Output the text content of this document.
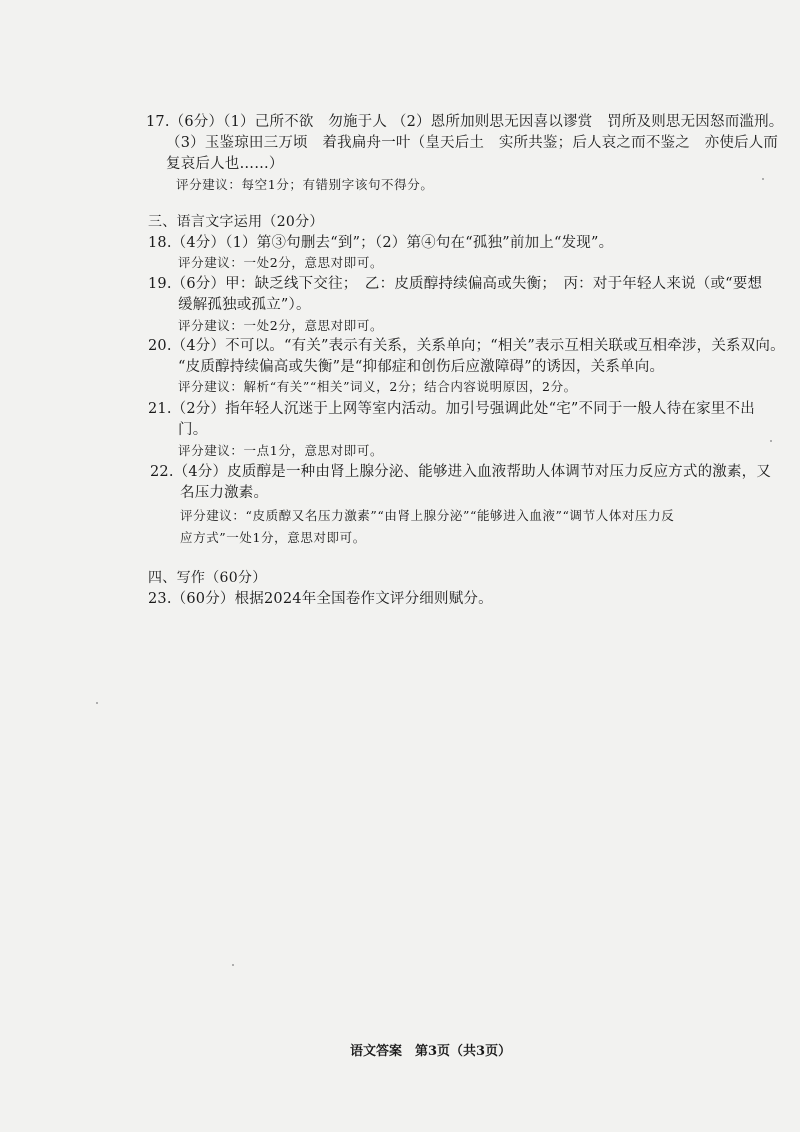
17.（6分）（1）己所不欲　勿施于人 （2）恩所加则思无因喜以谬赏　罚所及则思无因怒而滥刑。
（3）玉鉴琼田三万顷　着我扁舟一叶（皇天后土　实所共鉴；后人哀之而不鉴之　亦使后人而
复哀后人也……）
评分建议：每空1分；有错别字该句不得分。
三、语言文字运用（20分）
18.（4分）（1）第③句删去“到”；（2）第④句在“孤独”前加上“发现”。
评分建议：一处2分，意思对即可。
19.（6分）甲：缺乏线下交往；　乙：皮质醇持续偏高或失衡；　丙：对于年轻人来说（或“要想
缓解孤独或孤立”）。
评分建议：一处2分，意思对即可。
20.（4分）不可以。“有关”表示有关系，关系单向；“相关”表示互相关联或互相牵涉，关系双向。
“皮质醇持续偏高或失衡”是“抑郁症和创伤后应激障碍”的诱因，关系单向。
评分建议：解析“有关”“相关”词义，2分；结合内容说明原因，2分。
21.（2分）指年轻人沉迷于上网等室内活动。加引号强调此处“宅”不同于一般人待在家里不出
门。
评分建议：一点1分，意思对即可。
22.（4分）皮质醇是一种由肾上腺分泌、能够进入血液帮助人体调节对压力反应方式的激素，又
名压力激素。
评分建议：“皮质醇又名压力激素”“由肾上腺分泌”“能够进入血液”“调节人体对压力反
应方式”一处1分，意思对即可。
四、写作（60分）
23.（60分）根据2024年全国卷作文评分细则赋分。
语文答案　第3页（共3页）
